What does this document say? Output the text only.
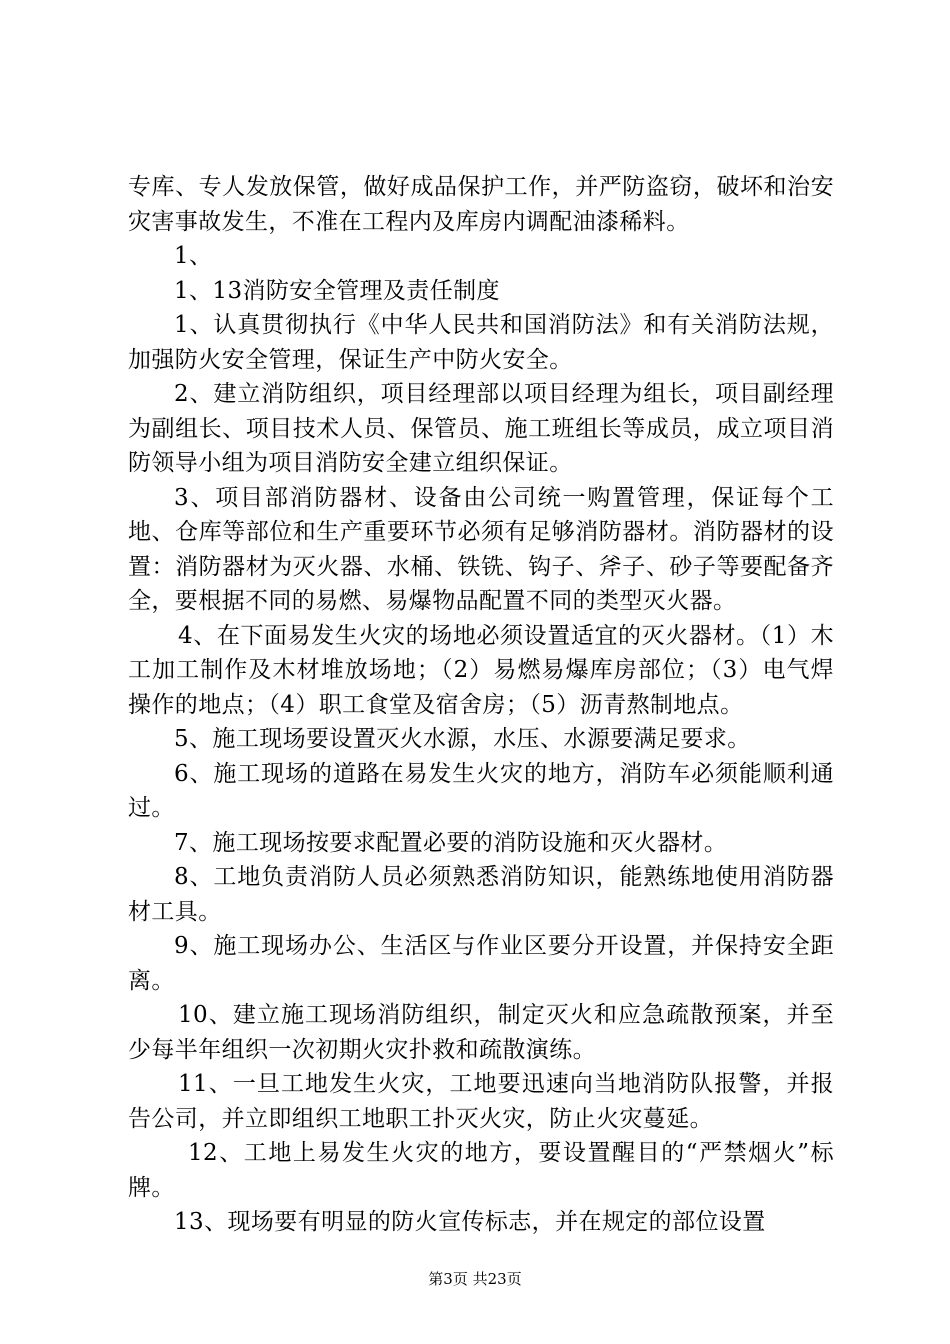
专库、专人发放保管，做好成品保护工作，并严防盗窃，破坏和治安灾害事故发生，不准在工程内及库房内调配油漆稀料。

1、

1、13消防安全管理及责任制度

1、认真贯彻执行《中华人民共和国消防法》和有关消防法规，加强防火安全管理，保证生产中防火安全。

2、建立消防组织，项目经理部以项目经理为组长，项目副经理为副组长、项目技术人员、保管员、施工班组长等成员，成立项目消防领导小组为项目消防安全建立组织保证。

3、项目部消防器材、设备由公司统一购置管理，保证每个工地、仓库等部位和生产重要环节必须有足够消防器材。消防器材的设置：消防器材为灭火器、水桶、铁铣、钩子、斧子、砂子等要配备齐全，要根据不同的易燃、易爆物品配置不同的类型灭火器。

4、在下面易发生火灾的场地必须设置适宜的灭火器材。（1）木工加工制作及木材堆放场地；（2）易燃易爆库房部位；（3）电气焊操作的地点；（4）职工食堂及宿舍房；（5）沥青熬制地点。

5、施工现场要设置灭火水源，水压、水源要满足要求。

6、施工现场的道路在易发生火灾的地方，消防车必须能顺利通过。

7、施工现场按要求配置必要的消防设施和灭火器材。

8、工地负责消防人员必须熟悉消防知识，能熟练地使用消防器材工具。

9、施工现场办公、生活区与作业区要分开设置，并保持安全距离。

10、建立施工现场消防组织，制定灭火和应急疏散预案，并至少每半年组织一次初期火灾扑救和疏散演练。

11、一旦工地发生火灾，工地要迅速向当地消防队报警，并报告公司，并立即组织工地职工扑灭火灾，防止火灾蔓延。

12、工地上易发生火灾的地方，要设置醒目的“严禁烟火”标牌。

13、现场要有明显的防火宣传标志，并在规定的部位设置

第3页 共23页
